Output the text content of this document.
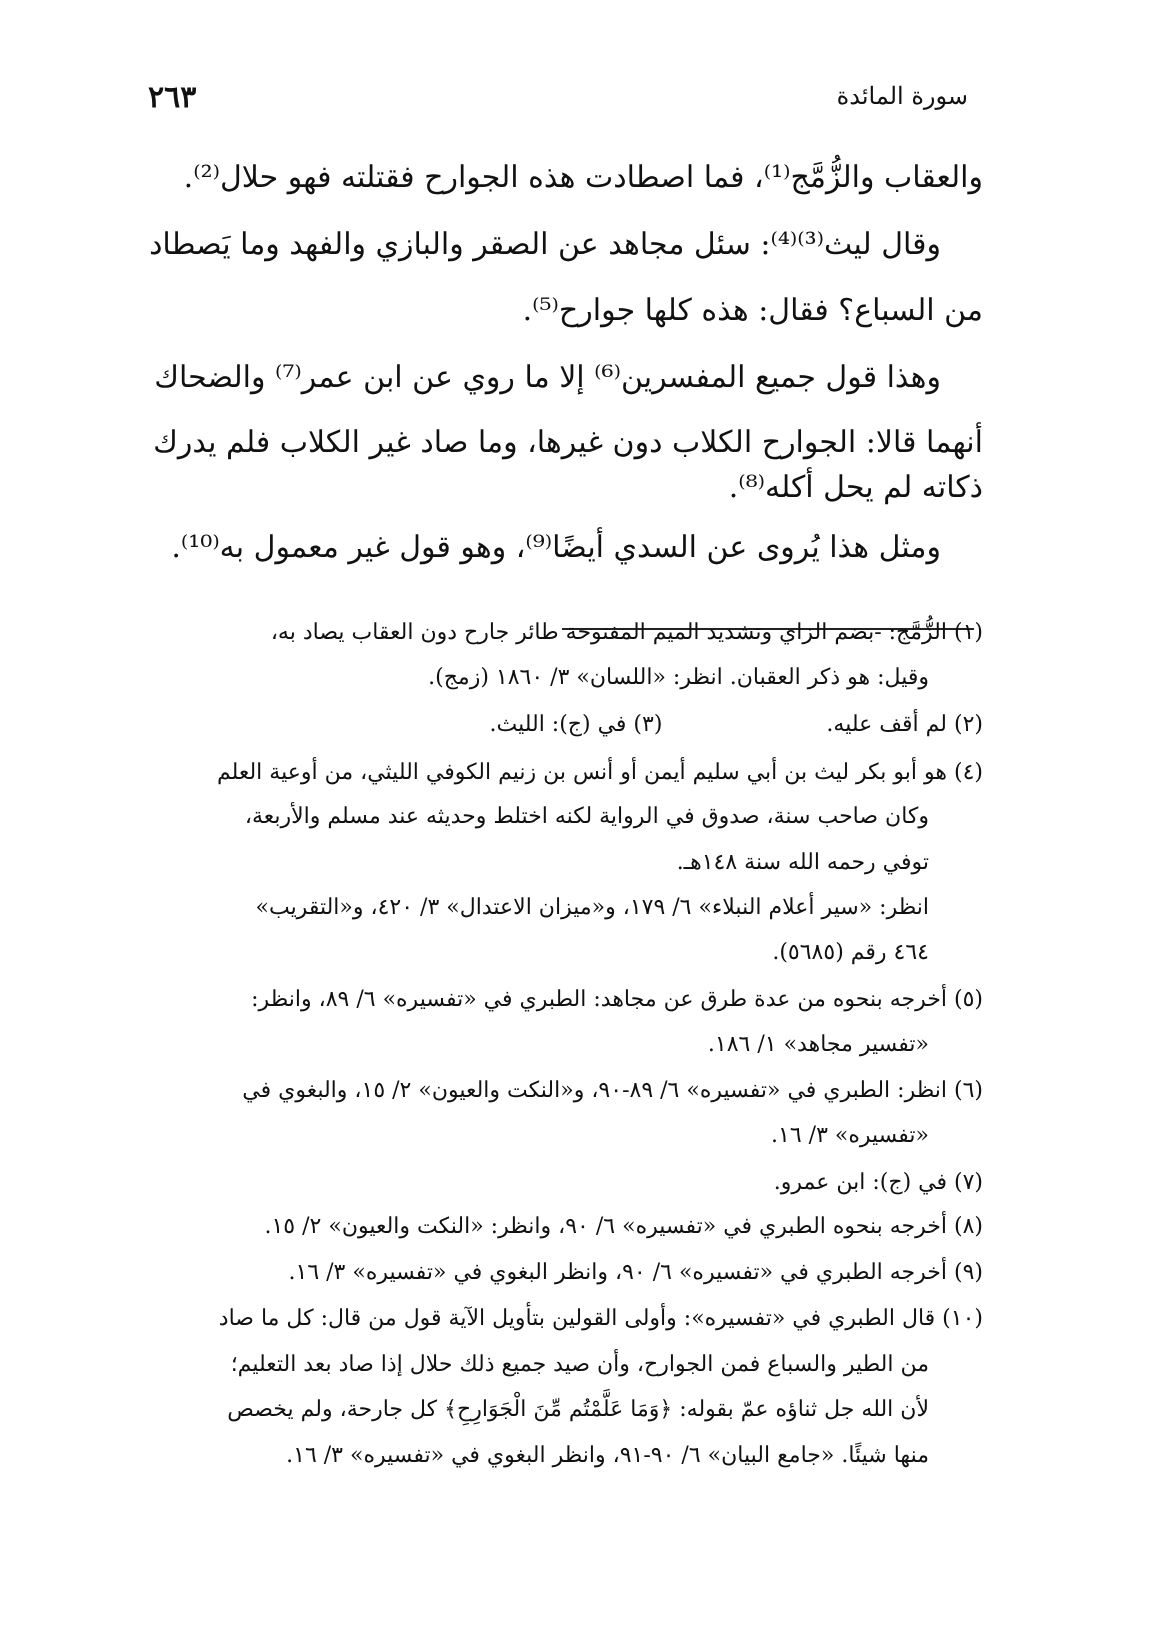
سورة المائدة
٢٦٣
والعقاب والزُّمَّج⁽¹⁾، فما اصطادت هذه الجوارح فقتلته فهو حلال⁽²⁾.
وقال ليث⁽³⁾⁽⁴⁾: سئل مجاهد عن الصقر والبازي والفهد وما يَصطاد
من السباع؟ فقال: هذه كلها جوارح⁽⁵⁾.
وهذا قول جميع المفسرين⁽⁶⁾ إلا ما روي عن ابن عمر⁽⁷⁾ والضحاك
أنهما قالا: الجوارح الكلاب دون غيرها، وما صاد غير الكلاب فلم يدرك
ذكاته لم يحل أكله⁽⁸⁾.
ومثل هذا يُروى عن السدي أيضًا⁽⁹⁾، وهو قول غير معمول به⁽¹⁰⁾.
(١) الزُّمَّج: -بضم الزاي وتشديد الميم المفتوحة طائر جارح دون العقاب يصاد به،
وقيل: هو ذكر العقبان. انظر: «اللسان» ٣/ ١٨٦٠ (زمج).
(٢) لم أقف عليه.  (٣) في (ج): الليث.
(٤) هو أبو بكر ليث بن أبي سليم أيمن أو أنس بن زنيم الكوفي الليثي، من أوعية العلم
وكان صاحب سنة، صدوق في الرواية لكنه اختلط وحديثه عند مسلم والأربعة،
توفي رحمه الله سنة ١٤٨هـ.
انظر: «سير أعلام النبلاء» ٦/ ١٧٩، و«ميزان الاعتدال» ٣/ ٤٢٠، و«التقريب»
٤٦٤ رقم (٥٦٨٥).
(٥) أخرجه بنحوه من عدة طرق عن مجاهد: الطبري في «تفسيره» ٦/ ٨٩، وانظر:
«تفسير مجاهد» ١/ ١٨٦.
(٦) انظر: الطبري في «تفسيره» ٦/ ٨٩-٩٠، و«النكت والعيون» ٢/ ١٥، والبغوي في
«تفسيره» ٣/ ١٦.
(٧) في (ج): ابن عمرو.
(٨) أخرجه بنحوه الطبري في «تفسيره» ٦/ ٩٠، وانظر: «النكت والعيون» ٢/ ١٥.
(٩) أخرجه الطبري في «تفسيره» ٦/ ٩٠، وانظر البغوي في «تفسيره» ٣/ ١٦.
(١٠) قال الطبري في «تفسيره»: وأولى القولين بتأويل الآية قول من قال: كل ما صاد
من الطير والسباع فمن الجوارح، وأن صيد جميع ذلك حلال إذا صاد بعد التعليم؛
لأن الله جل ثناؤه عمّ بقوله: ﴿وَمَا عَلَّمْتُم مِّنَ الْجَوَارِحِ﴾ كل جارحة، ولم يخصص
منها شيئًا. «جامع البيان» ٦/ ٩٠-٩١، وانظر البغوي في «تفسيره» ٣/ ١٦.
